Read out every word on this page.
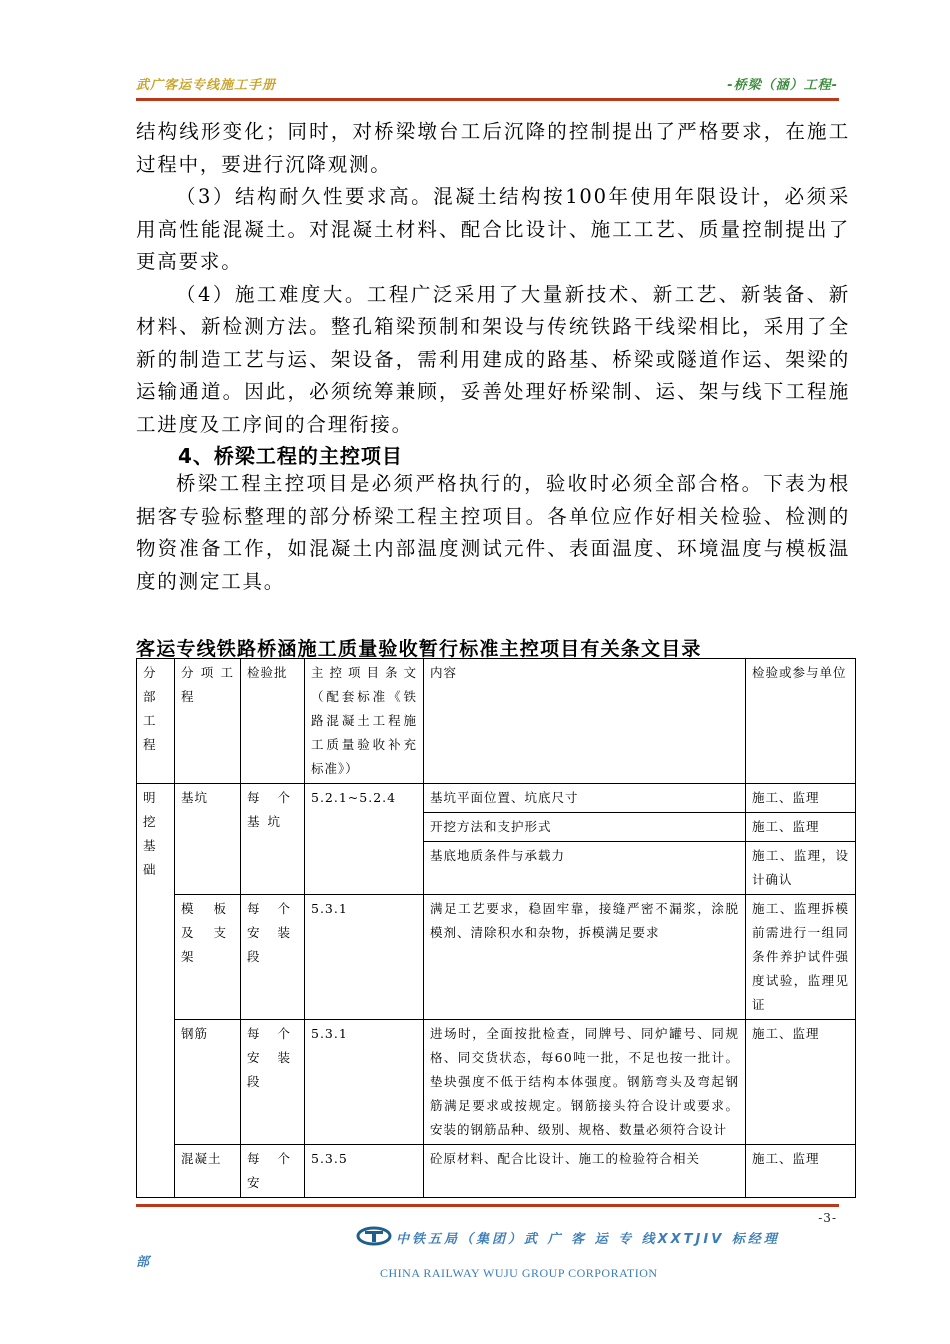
武广客运专线施工手册	-桥梁（涵）工程-

结构线形变化；同时，对桥梁墩台工后沉降的控制提出了严格要求，在施工过程中，要进行沉降观测。

（3）结构耐久性要求高。混凝土结构按100年使用年限设计，必须采用高性能混凝土。对混凝土材料、配合比设计、施工工艺、质量控制提出了更高要求。

（4）施工难度大。工程广泛采用了大量新技术、新工艺、新装备、新材料、新检测方法。整孔箱梁预制和架设与传统铁路干线梁相比，采用了全新的制造工艺与运、架设备，需利用建成的路基、桥梁或隧道作运、架梁的运输通道。因此，必须统筹兼顾，妥善处理好桥梁制、运、架与线下工程施工进度及工序间的合理衔接。

4、桥梁工程的主控项目

桥梁工程主控项目是必须严格执行的，验收时必须全部合格。下表为根据客专验标整理的部分桥梁工程主控项目。各单位应作好相关检验、检测的物资准备工作，如混凝土内部温度测试元件、表面温度、环境温度与模板温度的测定工具。

客运专线铁路桥涵施工质量验收暂行标准主控项目有关条文目录
分部工程	分项工程	检验批	主控项目条文（配套标准《铁路混凝土工程施工质量验收补充标准》）	内容	检验或参与单位
明挖基础	基坑	每个基坑	5.2.1~5.2.4	基坑平面位置、坑底尺寸	施工、监理
				开挖方法和支护形式	施工、监理
				基底地质条件与承载力	施工、监理，设计确认
	模板及支架	每个安装段	5.3.1	满足工艺要求，稳固牢靠，接缝严密不漏浆，涂脱模剂、清除积水和杂物，拆模满足要求	施工、监理拆模前需进行一组同条件养护试件强度试验，监理见证
	钢筋	每个安装段	5.3.1	进场时，全面按批检查，同牌号、同炉罐号、同规格、同交货状态，每60吨一批，不足也按一批计。垫块强度不低于结构本体强度。钢筋弯头及弯起钢筋满足要求或按规定。钢筋接头符合设计或要求。安装的钢筋品种、级别、规格、数量必须符合设计	施工、监理
	混凝土	每个安	5.3.5	砼原材料、配合比设计、施工的检验符合相关	施工、监理
-3-
中铁五局（集团）武 广 客 运 专 线XXTJIV 标经理
部
CHINA RAILWAY WUJU GROUP CORPORATION
